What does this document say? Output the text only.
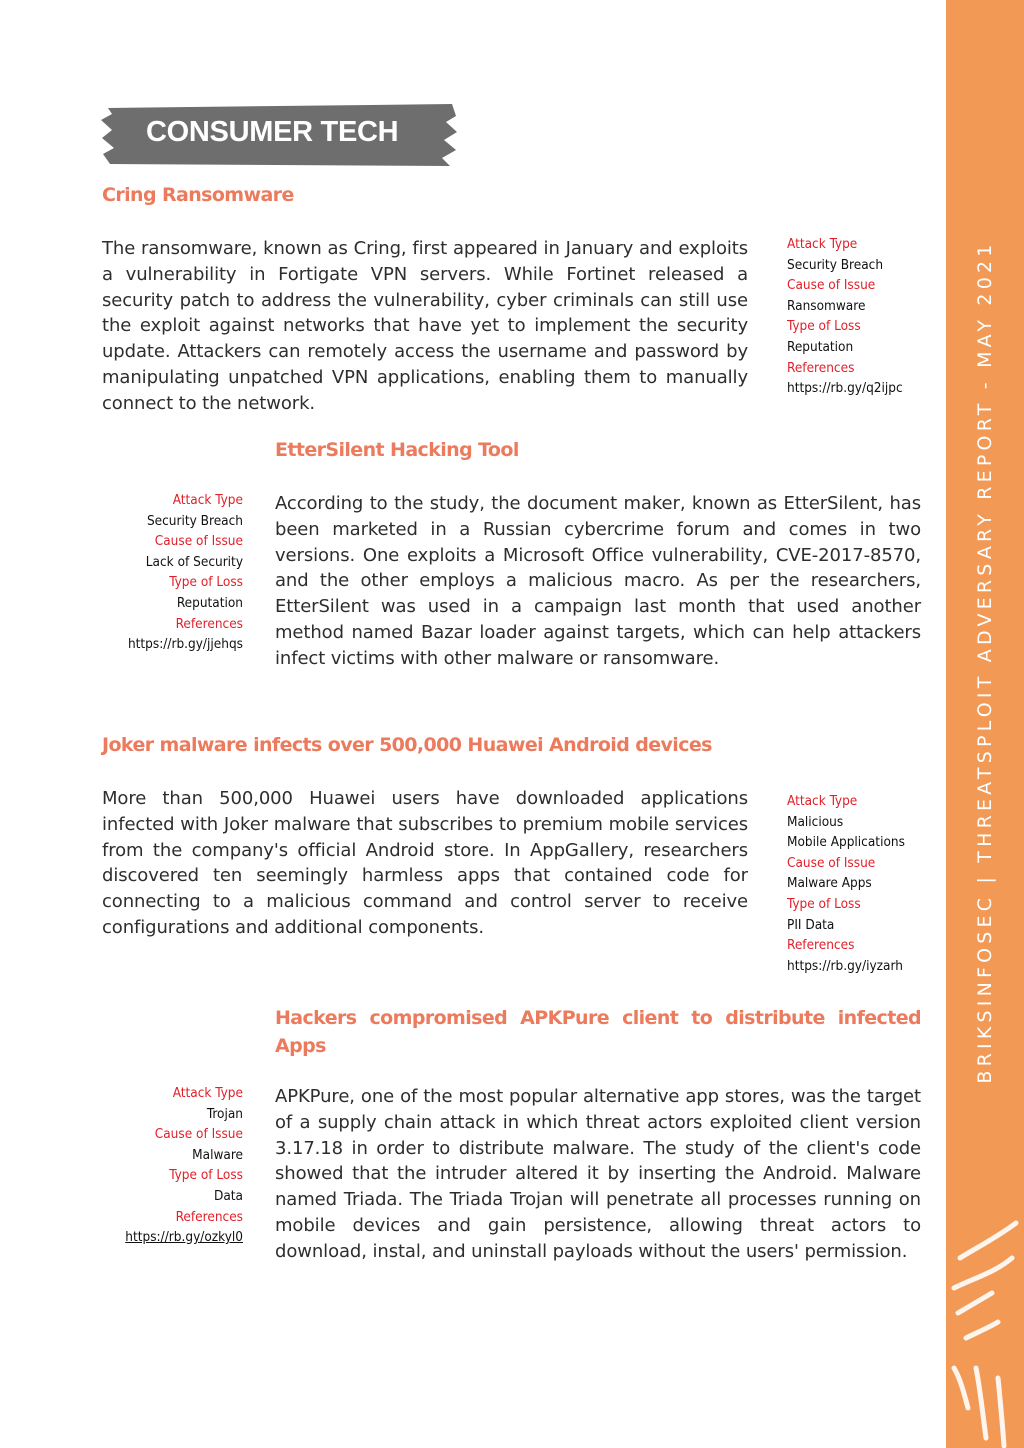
BRIKSINFOSEC | THREATSPLOIT ADVERSARY REPORT - MAY 2021
CONSUMER TECH
Cring Ransomware
The ransomware, known as Cring, first appeared in January and exploits a vulnerability in Fortigate VPN servers. While Fortinet released a security patch to address the vulnerability, cyber criminals can still use the exploit against networks that have yet to implement the security update. Attackers can remotely access the username and password by manipulating unpatched VPN applications, enabling them to manually connect to the network.
Attack Type
Security Breach
Cause of Issue
Ransomware
Type of Loss
Reputation
References
https://rb.gy/q2ijpc
EtterSilent Hacking Tool
According to the study, the document maker, known as EtterSilent, has been marketed in a Russian cybercrime forum and comes in two versions. One exploits a Microsoft Office vulnerability, CVE-2017-8570, and the other employs a malicious macro. As per the researchers, EtterSilent was used in a campaign last month that used another method named Bazar loader against targets, which can help attackers infect victims with other malware or ransomware.
Attack Type
Security Breach
Cause of Issue
Lack of Security
Type of Loss
Reputation
References
https://rb.gy/jjehqs
Joker malware infects over 500,000 Huawei Android devices
More than 500,000 Huawei users have downloaded applications infected with Joker malware that subscribes to premium mobile services from the company's official Android store. In AppGallery, researchers discovered ten seemingly harmless apps that contained code for connecting to a malicious command and control server to receive configurations and additional components.
Attack Type
Malicious
Mobile Applications
Cause of Issue
Malware Apps
Type of Loss
PII Data
References
https://rb.gy/iyzarh
Hackers compromised APKPure client to distribute infected Apps
APKPure, one of the most popular alternative app stores, was the target of a supply chain attack in which threat actors exploited client version 3.17.18 in order to distribute malware. The study of the client's code showed that the intruder altered it by inserting the Android. Malware named Triada. The Triada Trojan will penetrate all processes running on mobile devices and gain persistence, allowing threat actors to download, instal, and uninstall payloads without the users' permission.
Attack Type
Trojan
Cause of Issue
Malware
Type of Loss
Data
References
https://rb.gy/ozkyl0
